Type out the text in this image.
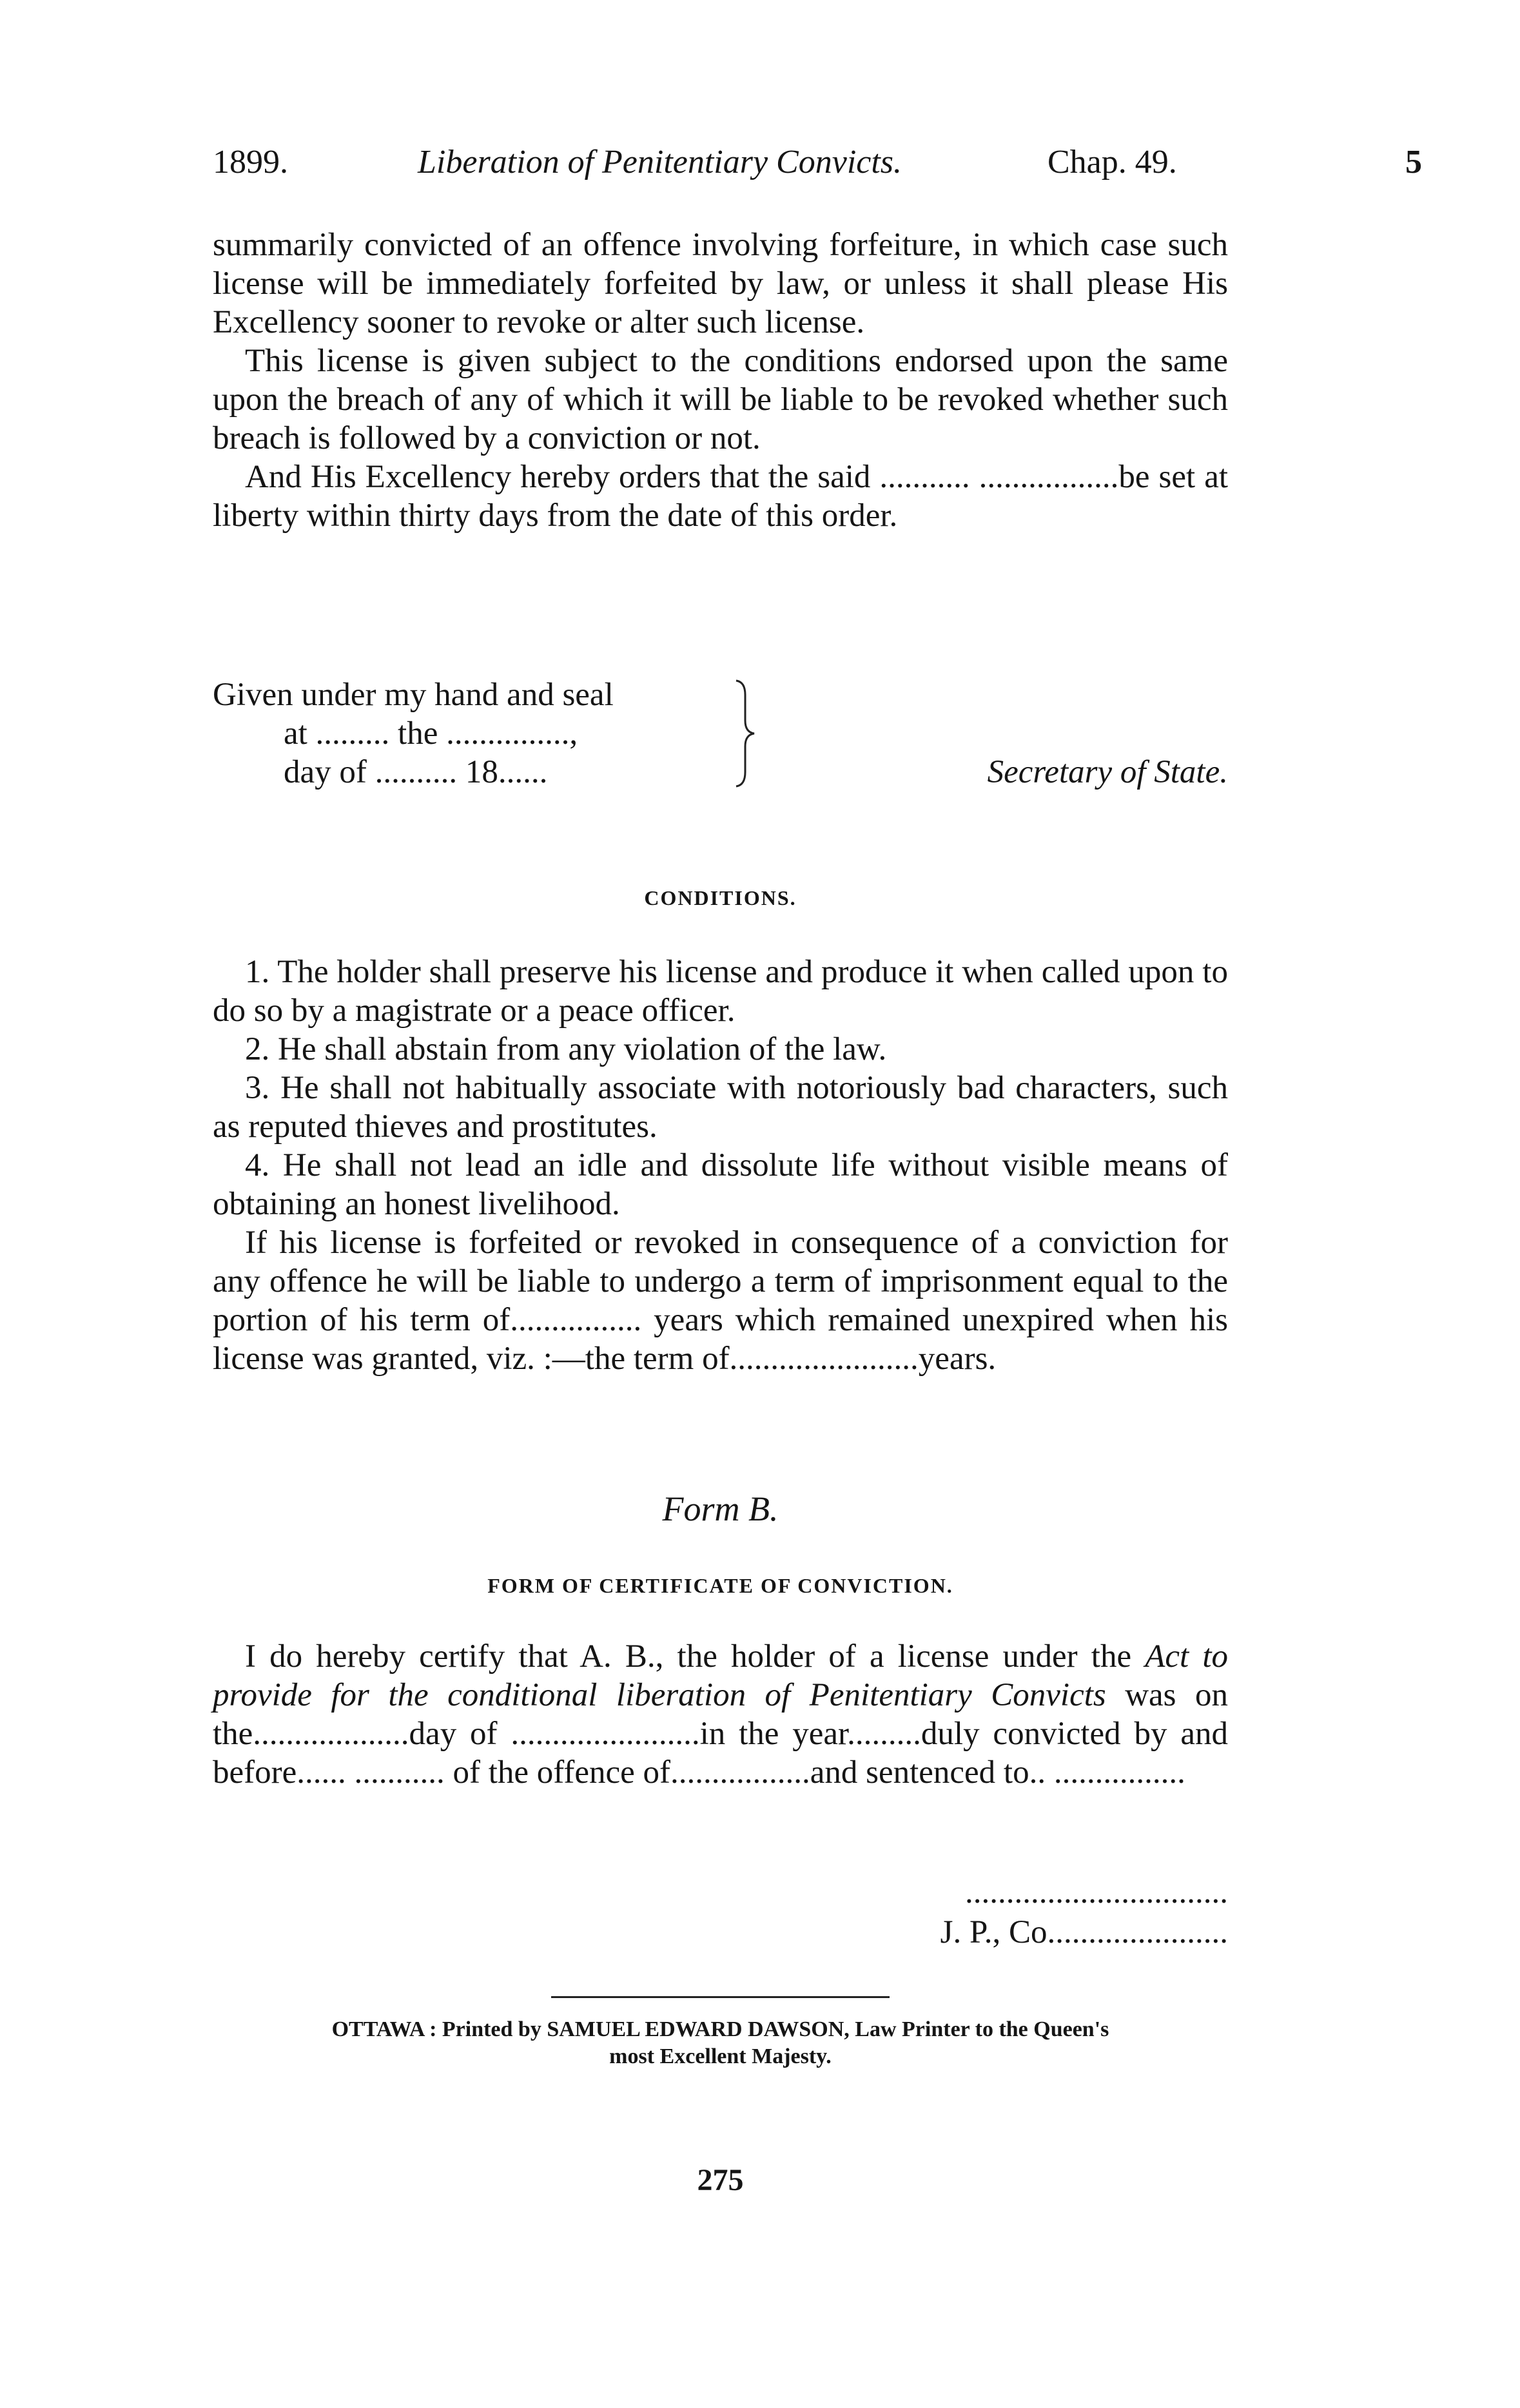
1899.	Liberation of Penitentiary Convicts.	Chap. 49.	5

summarily convicted of an offence involving forfeiture, in which case such license will be immediately forfeited by law, or unless it shall please His Excellency sooner to revoke or alter such license.

This license is given subject to the conditions endorsed upon the same upon the breach of any of which it will be liable to be revoked whether such breach is followed by a conviction or not.

And His Excellency hereby orders that the said ........... .................be set at liberty within thirty days from the date of this order.

Given under my hand and seal
at ......... the ...............,
day of .......... 18......	Secretary of State.
CONDITIONS.

1. The holder shall preserve his license and produce it when called upon to do so by a magistrate or a peace officer.

2. He shall abstain from any violation of the law.

3. He shall not habitually associate with notoriously bad characters, such as reputed thieves and prostitutes.

4. He shall not lead an idle and dissolute life without visible means of obtaining an honest livelihood.

If his license is forfeited or revoked in consequence of a conviction for any offence he will be liable to undergo a term of imprisonment equal to the portion of his term of................ years which remained unexpired when his license was granted, viz. :—the term of.......................years.

Form B.
FORM OF CERTIFICATE OF CONVICTION.

I do hereby certify that A. B., the holder of a license under the Act to provide for the conditional liberation of Penitentiary Convicts was on the...................day of .......................in the year.........duly convicted by and before...... ........... of the offence of.................and sentenced to.. ................

................................
J. P., Co......................
OTTAWA : Printed by SAMUEL EDWARD DAWSON, Law Printer to the Queen's
most Excellent Majesty.
275
